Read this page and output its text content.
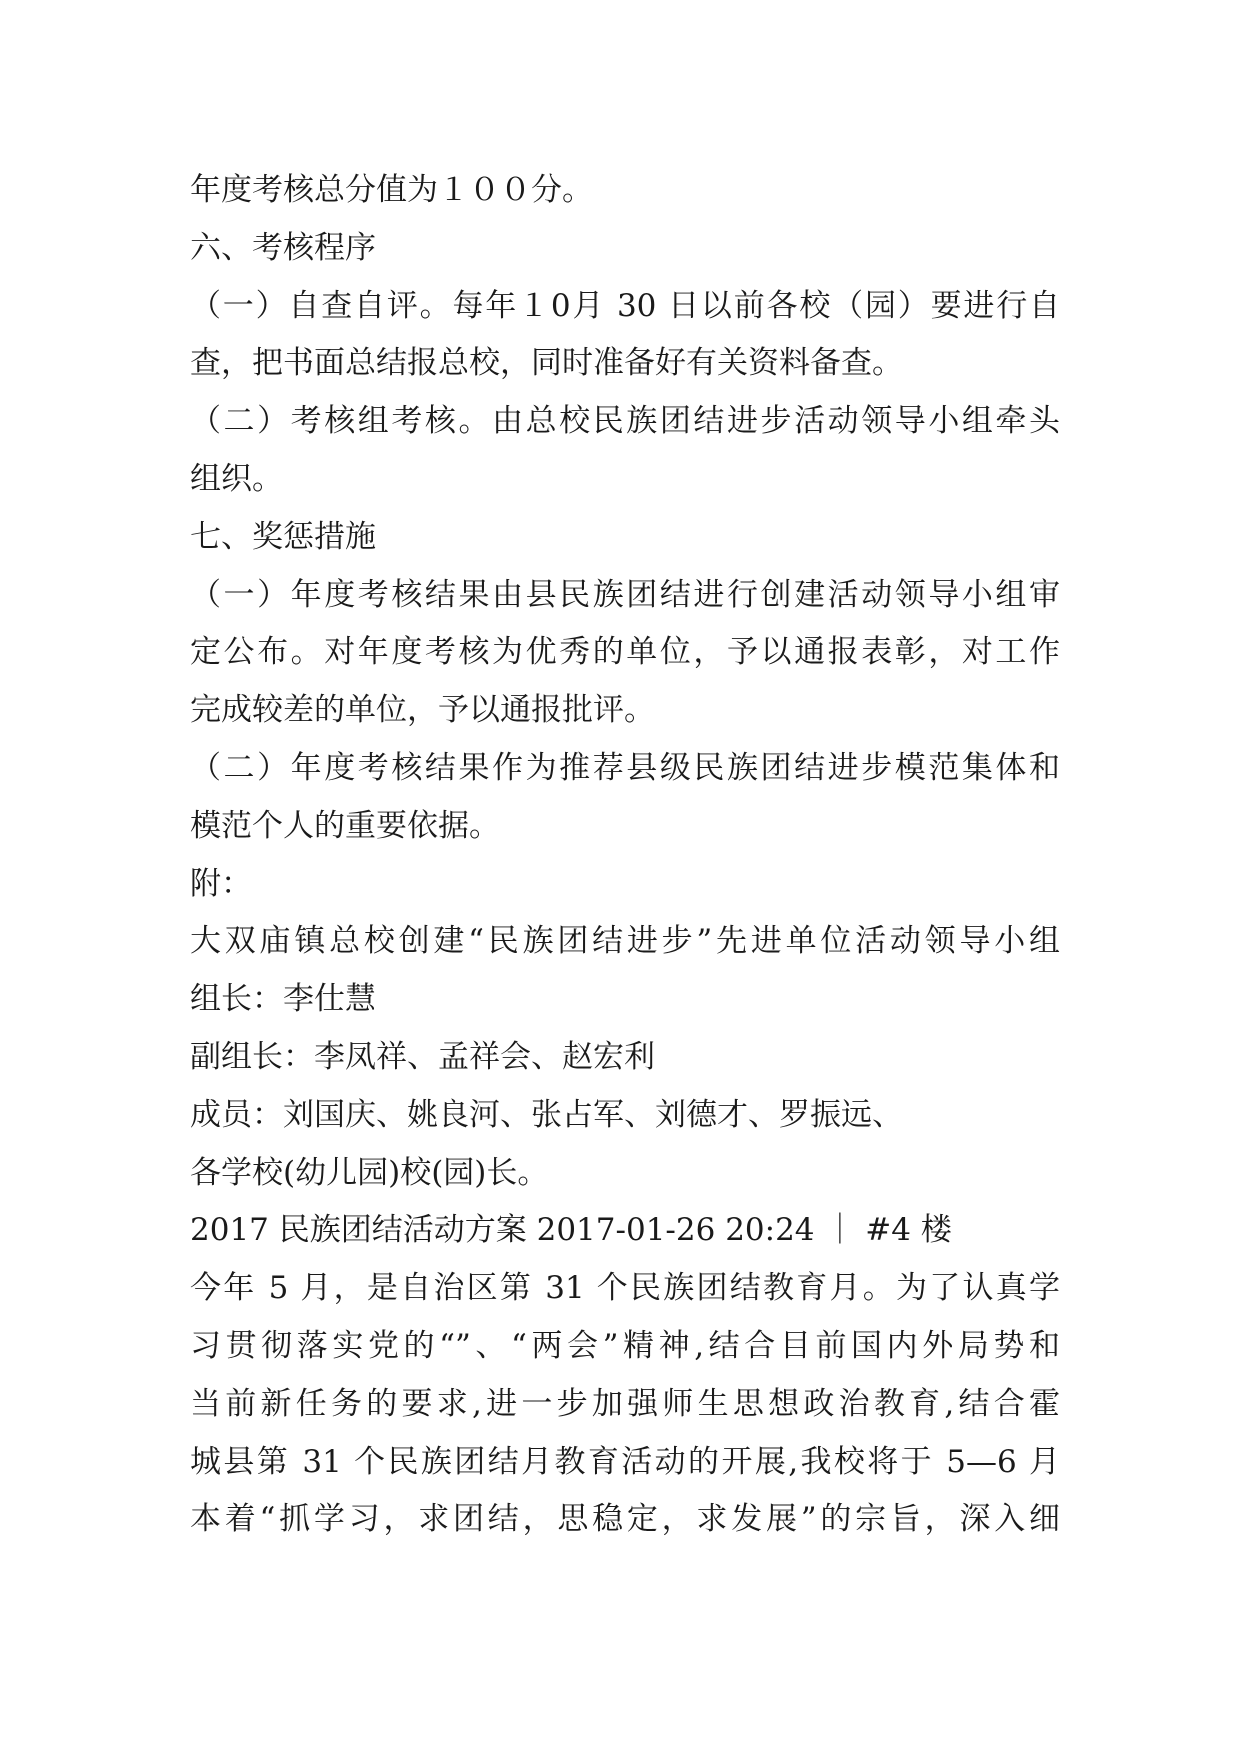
年度考核总分值为１００分。
六、考核程序
（一）自查自评。每年１0月 30 日以前各校（园）要进行自
查，把书面总结报总校，同时准备好有关资料备查。
（二）考核组考核。由总校民族团结进步活动领导小组牵头
组织。
七、奖惩措施
（一）年度考核结果由县民族团结进行创建活动领导小组审
定公布。对年度考核为优秀的单位，予以通报表彰，对工作
完成较差的单位，予以通报批评。
（二）年度考核结果作为推荐县级民族团结进步模范集体和
模范个人的重要依据。
附：
大双庙镇总校创建“民族团结进步”先进单位活动领导小组
组长：李仕慧
副组长：李凤祥、孟祥会、赵宏利
成员：刘国庆、姚良河、张占军、刘德才、罗振远、
各学校(幼儿园)校(园)长。
2017 民族团结活动方案 2017-01-26 20:24 ｜ #4 楼
今年 5 月，是自治区第 31 个民族团结教育月。为了认真学
习贯彻落实党的“”、“两会”精神,结合目前国内外局势和
当前新任务的要求,进一步加强师生思想政治教育,结合霍
城县第 31 个民族团结月教育活动的开展,我校将于 5—6 月
本着“抓学习，求团结，思稳定，求发展”的宗旨，深入细
